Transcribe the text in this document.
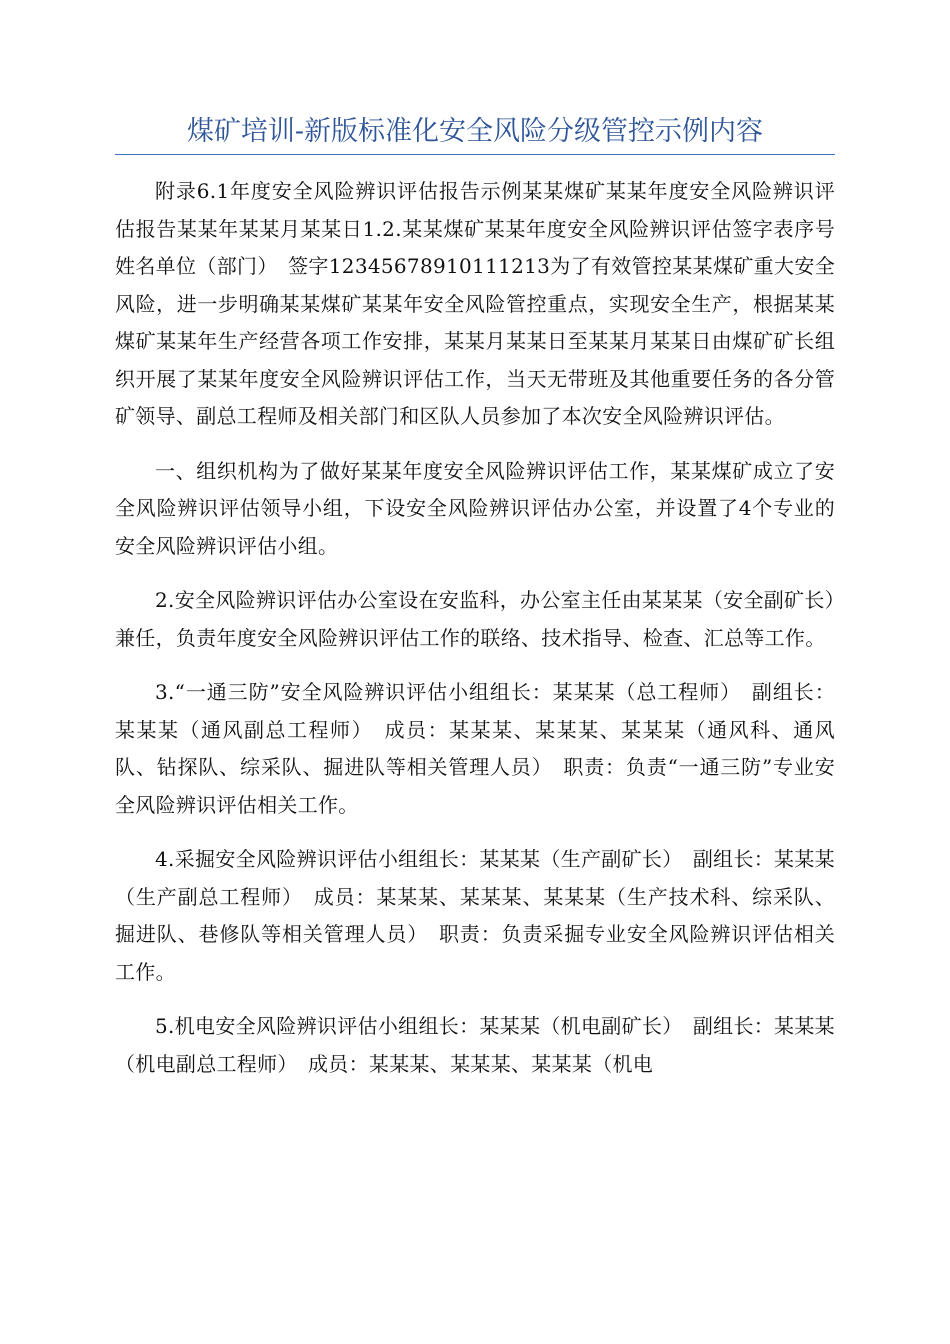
煤矿培训-新版标准化安全风险分级管控示例内容

附录6.1年度安全风险辨识评估报告示例某某煤矿某某年度安全风险辨识评估报告某某年某某月某某日1.2.某某煤矿某某年度安全风险辨识评估签字表序号姓名单位（部门）　签字12345678910111213为了有效管控某某煤矿重大安全风险，进一步明确某某煤矿某某年安全风险管控重点，实现安全生产，根据某某煤矿某某年生产经营各项工作安排，某某月某某日至某某月某某日由煤矿矿长组织开展了某某年度安全风险辨识评估工作，当天无带班及其他重要任务的各分管矿领导、副总工程师及相关部门和区队人员参加了本次安全风险辨识评估。

一、组织机构为了做好某某年度安全风险辨识评估工作，某某煤矿成立了安全风险辨识评估领导小组，下设安全风险辨识评估办公室，并设置了4个专业的安全风险辨识评估小组。

2.安全风险辨识评估办公室设在安监科，办公室主任由某某某（安全副矿长）兼任，负责年度安全风险辨识评估工作的联络、技术指导、检查、汇总等工作。

3.“一通三防”安全风险辨识评估小组组长：某某某（总工程师）　副组长：某某某（通风副总工程师）　成员：某某某、某某某、某某某（通风科、通风队、钻探队、综采队、掘进队等相关管理人员）　职责：负责“一通三防”专业安全风险辨识评估相关工作。

4.采掘安全风险辨识评估小组组长：某某某（生产副矿长）　副组长：某某某（生产副总工程师）　成员：某某某、某某某、某某某（生产技术科、综采队、掘进队、巷修队等相关管理人员）　职责：负责采掘专业安全风险辨识评估相关工作。

5.机电安全风险辨识评估小组组长：某某某（机电副矿长）　副组长：某某某（机电副总工程师）　成员：某某某、某某某、某某某（机电
